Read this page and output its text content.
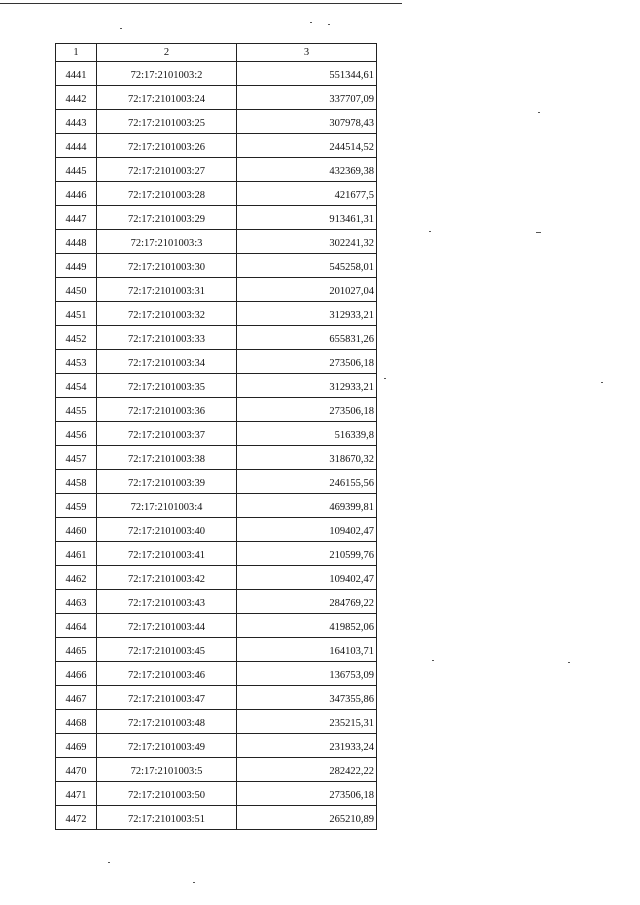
1	2	3
4441	72:17:2101003:2	551344,61
4442	72:17:2101003:24	337707,09
4443	72:17:2101003:25	307978,43
4444	72:17:2101003:26	244514,52
4445	72:17:2101003:27	432369,38
4446	72:17:2101003:28	421677,5
4447	72:17:2101003:29	913461,31
4448	72:17:2101003:3	302241,32
4449	72:17:2101003:30	545258,01
4450	72:17:2101003:31	201027,04
4451	72:17:2101003:32	312933,21
4452	72:17:2101003:33	655831,26
4453	72:17:2101003:34	273506,18
4454	72:17:2101003:35	312933,21
4455	72:17:2101003:36	273506,18
4456	72:17:2101003:37	516339,8
4457	72:17:2101003:38	318670,32
4458	72:17:2101003:39	246155,56
4459	72:17:2101003:4	469399,81
4460	72:17:2101003:40	109402,47
4461	72:17:2101003:41	210599,76
4462	72:17:2101003:42	109402,47
4463	72:17:2101003:43	284769,22
4464	72:17:2101003:44	419852,06
4465	72:17:2101003:45	164103,71
4466	72:17:2101003:46	136753,09
4467	72:17:2101003:47	347355,86
4468	72:17:2101003:48	235215,31
4469	72:17:2101003:49	231933,24
4470	72:17:2101003:5	282422,22
4471	72:17:2101003:50	273506,18
4472	72:17:2101003:51	265210,89
